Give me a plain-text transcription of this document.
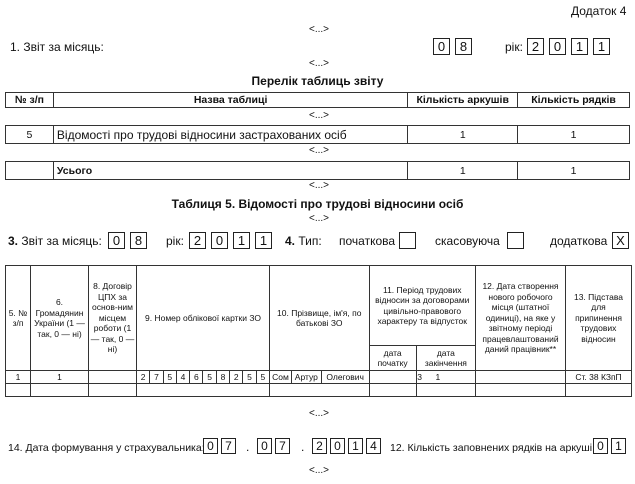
Додаток 4
<...>
1. Звіт за місяць:	0 8	рік: 2 0 1 1
<...>
Перелік таблиць звіту
№ з/п	Назва таблиці	Кількість аркушів	Кількість рядків
<...>
5	Відомості про трудові відносини застрахованих осіб	1	1
<...>
	Усього	1	1
<...>
Таблиця 5. Відомості про трудові відносини осіб
<...>
3. Звіт за місяць: 0 8	рік: 2 0 1 1	4. Тип: початкова	скасовуюча	додаткова X
5. № з/п	6. Громадянин України (1 — так, 0 — ні)	8. Договір ЦПХ за основ-ним місцем роботи (1 — так, 0 — ні)	9. Номер облікової картки ЗО										10. Прізвище, ім'я, по батькові ЗО			11. Період трудових відносин за договорами цивільно-правового характеру та відпусток		12. Дата створення нового робочого місця (штатної одиниці), на яке у звітному періоді працевлаштований даний працівник**	13. Підстава для припинення трудових відносин
																дата початку	дата закінчення		
1	1		2	7	5	4	6	5	8	2	5	5	Сом	Артур	Олегович	3	1		Ст. 38 КЗпП

<...>
14. Дата формування у страхувальника: 0 7	. 0 7	. 2 0 1 4	12. Кількість заповнених рядків на аркуші 0 1
<...>
